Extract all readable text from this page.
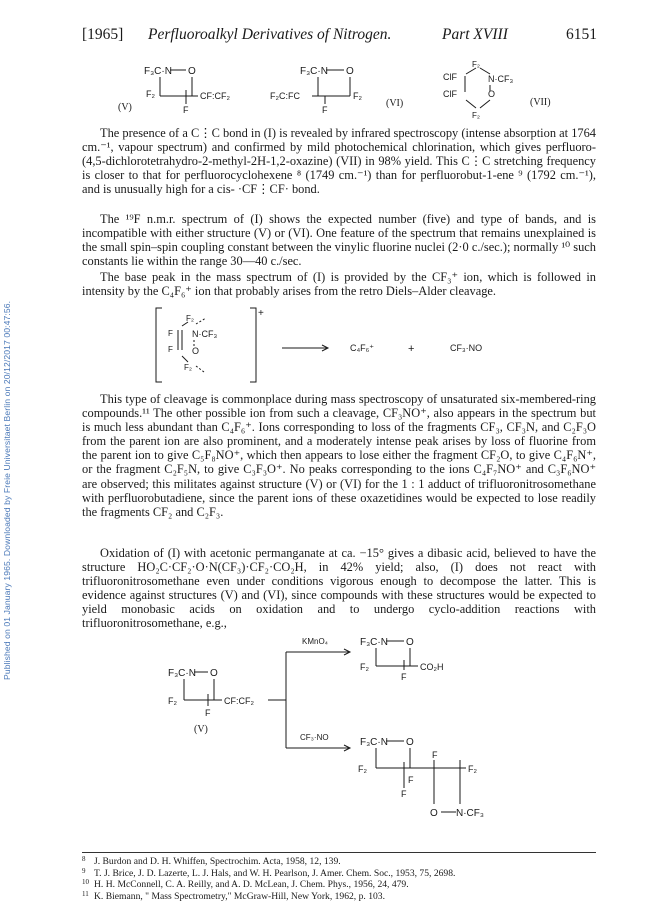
Published on 01 January 1965. Downloaded by Freie Universitaet Berlin on 20/12/2017 00:47:56.
[1965] Perfluoroalkyl Derivatives of Nitrogen.	Part XVIII	6151
F₃C·N O
F₂
F
CF:CF₂
(V)
F₃C·N O
F₂C:FC	F₂
F
(VI)
F₂
N·CF₃
ClF
ClF	O
F₂
(VII)

The presence of a C⋮C bond in (I) is revealed by infrared spectroscopy (intense absorption at 1764 cm.⁻¹, vapour spectrum) and confirmed by mild photochemical chlorination, which gives perfluoro-(4,5-dichlorotetrahydro-2-methyl-2H-1,2-oxazine) (VII) in 98% yield. This C⋮C stretching frequency is closer to that for perfluorocyclohexene ⁸ (1749 cm.⁻¹) than for perfluorobut-1-ene ⁹ (1792 cm.⁻¹), and is unusually high for a cis- ·CF⋮CF· bond.

The ¹⁹F n.m.r. spectrum of (I) shows the expected number (five) and type of bands, and is incompatible with either structure (V) or (VI). One feature of the spectrum that remains unexplained is the small spin–spin coupling constant between the vinylic fluorine nuclei (2·0 c./sec.); normally ¹⁰ such constants lie within the range 30—40 c./sec.

The base peak in the mass spectrum of (I) is provided by the CF₃⁺ ion, which is followed in intensity by the C₄F₆⁺ ion that probably arises from the retro Diels–Alder cleavage.

+
F₂
N·CF₃
F
F O
F₂
C₄F₆⁺	+	CF₃·NO

This type of cleavage is commonplace during mass spectroscopy of unsaturated six-membered-ring compounds.¹¹ The other possible ion from such a cleavage, CF₃NO⁺, also appears in the spectrum but is much less abundant than C₄F₆⁺. Ions corresponding to loss of the fragments CF₃, CF₃N, and C₂F₃O from the parent ion are also prominent, and a moderately intense peak arises by loss of fluorine from the parent ion to give C₅F₈NO⁺, which then appears to lose either the fragment CF₂O, to give C₄F₆N⁺, or the fragment C₂F₅N, to give C₃F₃O⁺. No peaks corresponding to the ions C₄F₇NO⁺ and C₃F₆NO⁺ are observed; this militates against structure (V) or (VI) for the 1 : 1 adduct of trifluoronitrosomethane with perfluorobutadiene, since the parent ions of these oxazetidines would be expected to lose readily the fragments CF₂ and C₂F₃.

Oxidation of (I) with acetonic permanganate at ca. −15° gives a dibasic acid, believed to have the structure HO₂C·CF₂·O·N(CF₃)·CF₂·CO₂H, in 42% yield; also, (I) does not react with trifluoronitrosomethane even under conditions vigorous enough to decompose the latter. This is evidence against structures (V) and (VI), since compounds with these structures would be expected to yield monobasic acids on oxidation and to undergo cyclo-addition reactions with trifluoronitrosomethane, e.g.,

F₃C·N O
F₂
F
CF:CF₂
(V)
KMnO₄
CF₃·NO
F₃C·N O
F₂	CO₂H
F
F₃C·N O
F₂
F
F₂
F
F
O N·CF₃
8 J. Burdon and D. H. Whiffen, Spectrochim. Acta, 1958, 12, 139.
9 T. J. Brice, J. D. Lazerte, L. J. Hals, and W. H. Pearlson, J. Amer. Chem. Soc., 1953, 75, 2698.
10 H. H. McConnell, C. A. Reilly, and A. D. McLean, J. Chem. Phys., 1956, 24, 479.
11 K. Biemann, " Mass Spectrometry," McGraw-Hill, New York, 1962, p. 103.
